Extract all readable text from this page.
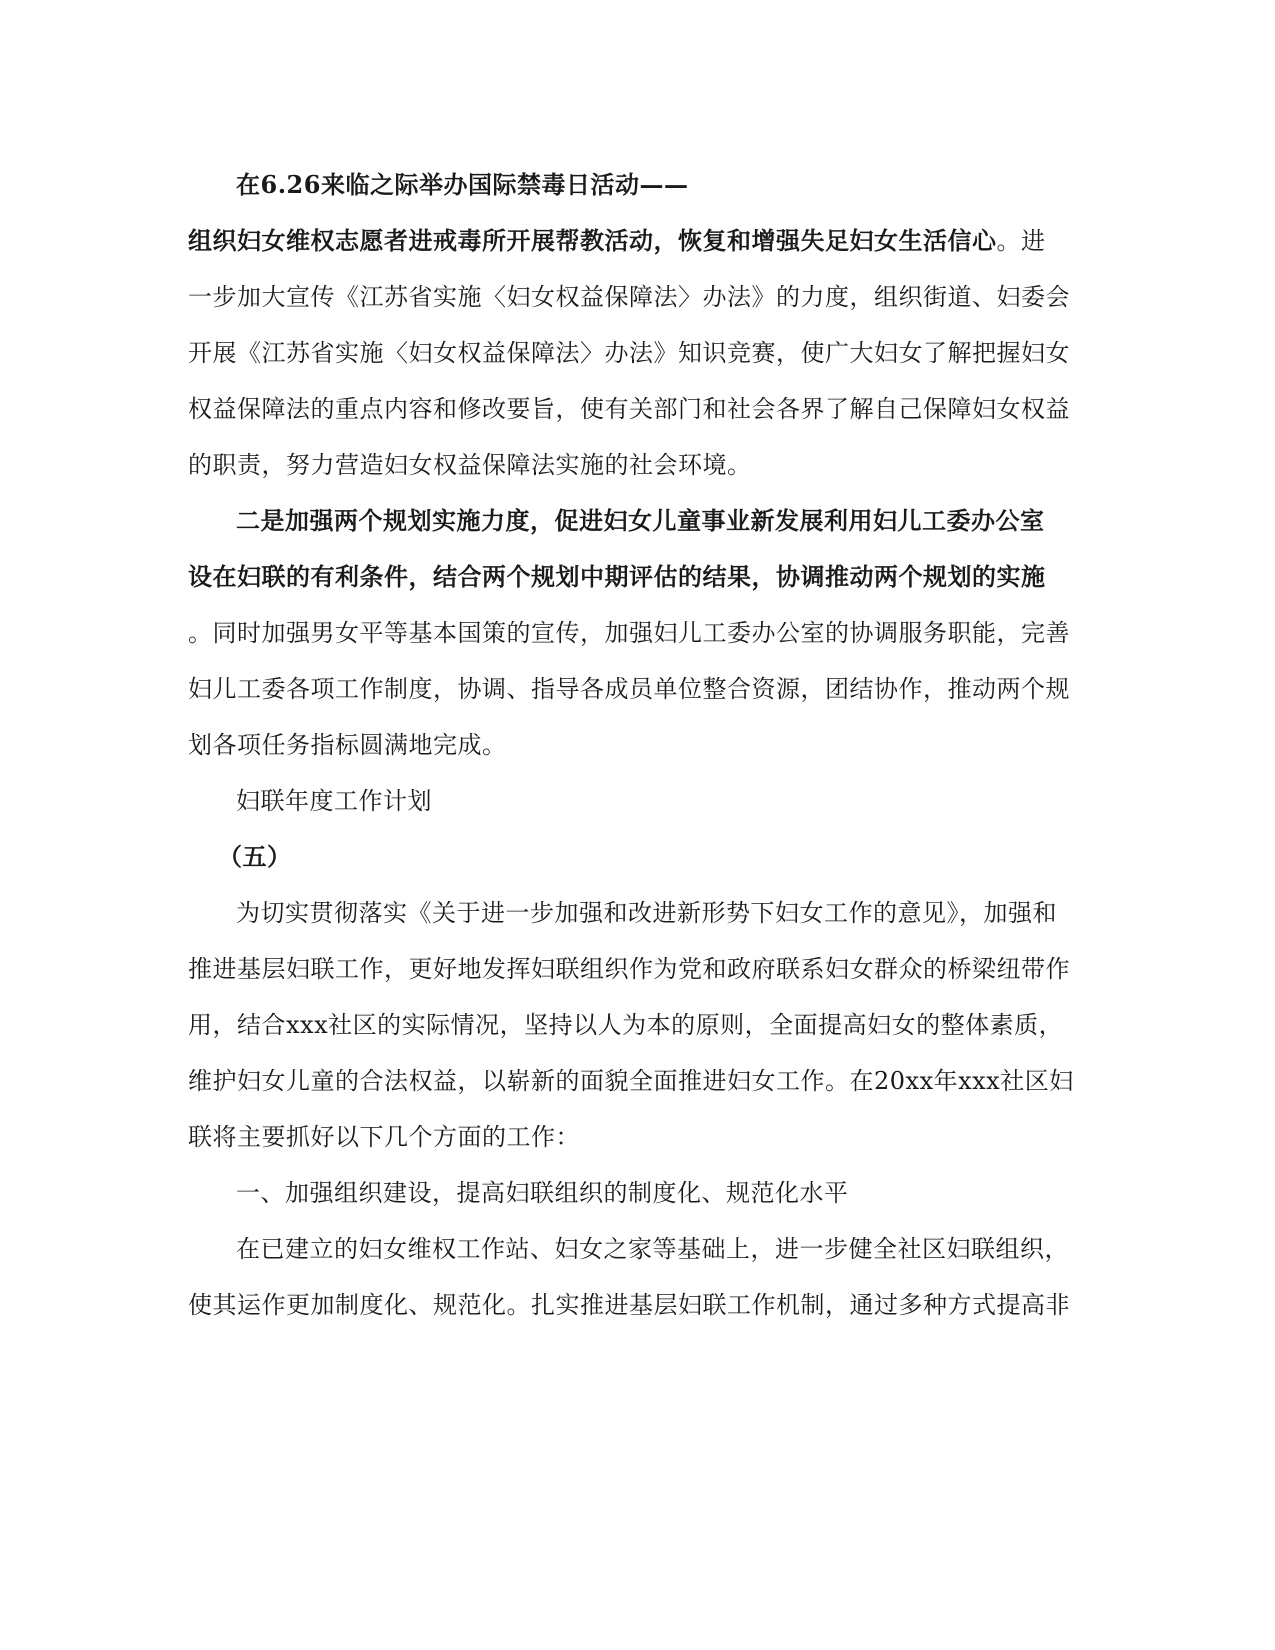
在6.26来临之际举办国际禁毒日活动——
组织妇女维权志愿者进戒毒所开展帮教活动，恢复和增强失足妇女生活信心。进
一步加大宣传《江苏省实施〈妇女权益保障法〉办法》的力度，组织街道、妇委会
开展《江苏省实施〈妇女权益保障法〉办法》知识竞赛，使广大妇女了解把握妇女
权益保障法的重点内容和修改要旨，使有关部门和社会各界了解自己保障妇女权益
的职责，努力营造妇女权益保障法实施的社会环境。
二是加强两个规划实施力度，促进妇女儿童事业新发展利用妇儿工委办公室
设在妇联的有利条件，结合两个规划中期评估的结果，协调推动两个规划的实施
。同时加强男女平等基本国策的宣传，加强妇儿工委办公室的协调服务职能，完善
妇儿工委各项工作制度，协调、指导各成员单位整合资源，团结协作，推动两个规
划各项任务指标圆满地完成。
妇联年度工作计划
（五）
为切实贯彻落实《关于进一步加强和改进新形势下妇女工作的意见》，加强和
推进基层妇联工作，更好地发挥妇联组织作为党和政府联系妇女群众的桥梁纽带作
用，结合xxx社区的实际情况，坚持以人为本的原则，全面提高妇女的整体素质，
维护妇女儿童的合法权益，以崭新的面貌全面推进妇女工作。在20xx年xxx社区妇
联将主要抓好以下几个方面的工作：
一、加强组织建设，提高妇联组织的制度化、规范化水平
在已建立的妇女维权工作站、妇女之家等基础上，进一步健全社区妇联组织，
使其运作更加制度化、规范化。扎实推进基层妇联工作机制，通过多种方式提高非
